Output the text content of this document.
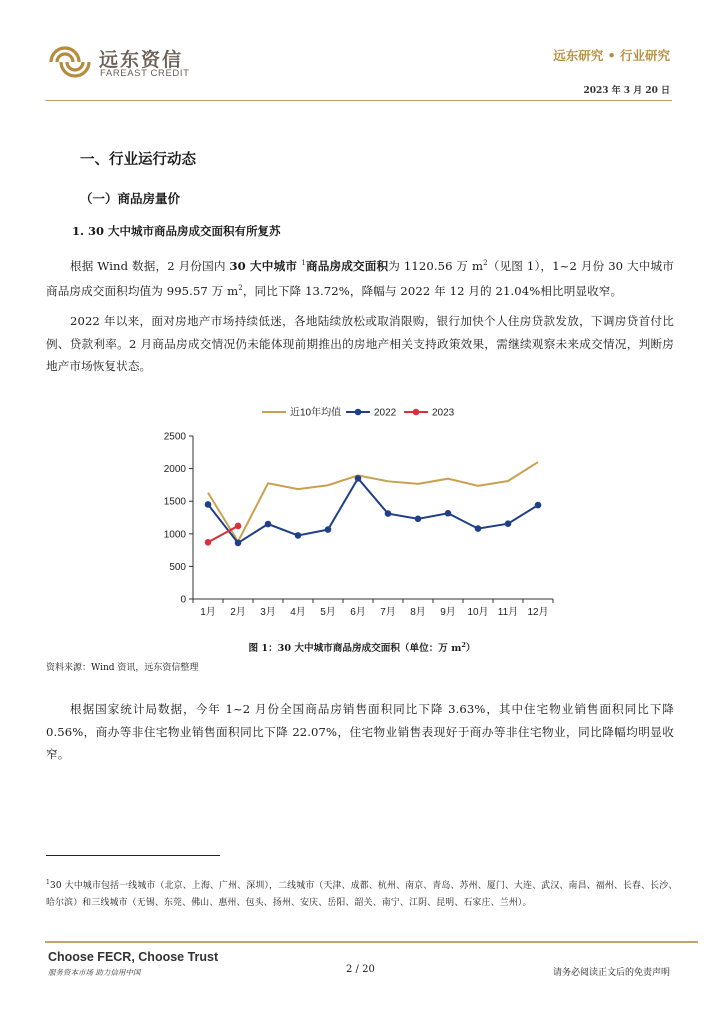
远东资信
FAREAST CREDIT
远东研究 • 行业研究
2023 年 3 月 20 日
一、行业运行动态
（一）商品房量价
1. 30 大中城市商品房成交面积有所复苏
根据 Wind 数据，2 月份国内 30 大中城市 $^1$商品房成交面积为 1120.56 万 $m^2$（见图 1），1~2 月份 30 大中城市商品房成交面积均值为 995.57 万 $m^2$，同比下降 13.72%，降幅与 2022 年 12 月的 21.04%相比明显收窄。
2022 年以来，面对房地产市场持续低迷，各地陆续放松或取消限购，银行加快个人住房贷款发放，下调房贷首付比例、贷款利率。2 月商品房成交情况仍未能体现前期推出的房地产相关支持政策效果，需继续观察未来成交情况，判断房地产市场恢复状态。
近10年均值	2022	2023
0
500
1000
1500
2000
2500
1月 2月 3月 4月 5月 6月 7月 8月 9月 10月 11月 12月
图 1：30 大中城市商品房成交面积（单位：万 $m^2$）
资料来源：Wind 资讯，远东资信整理
根据国家统计局数据，今年 1~2 月份全国商品房销售面积同比下降 3.63%，其中住宅物业销售面积同比下降 0.56%，商办等非住宅物业销售面积同比下降 22.07%，住宅物业销售表现好于商办等非住宅物业，同比降幅均明显收窄。
$^1$30 大中城市包括一线城市（北京、上海、广州、深圳），二线城市（天津、成都、杭州、南京、青岛、苏州、厦门、大连、武汉、南昌、福州、长春、长沙、哈尔滨）和三线城市（无锡、东莞、佛山、惠州、包头、扬州、安庆、岳阳、韶关、南宁、江阴、昆明、石家庄、兰州）。
Choose FECR, Choose Trust
服务资本市场 助力信用中国	2 / 20	请务必阅读正文后的免责声明
